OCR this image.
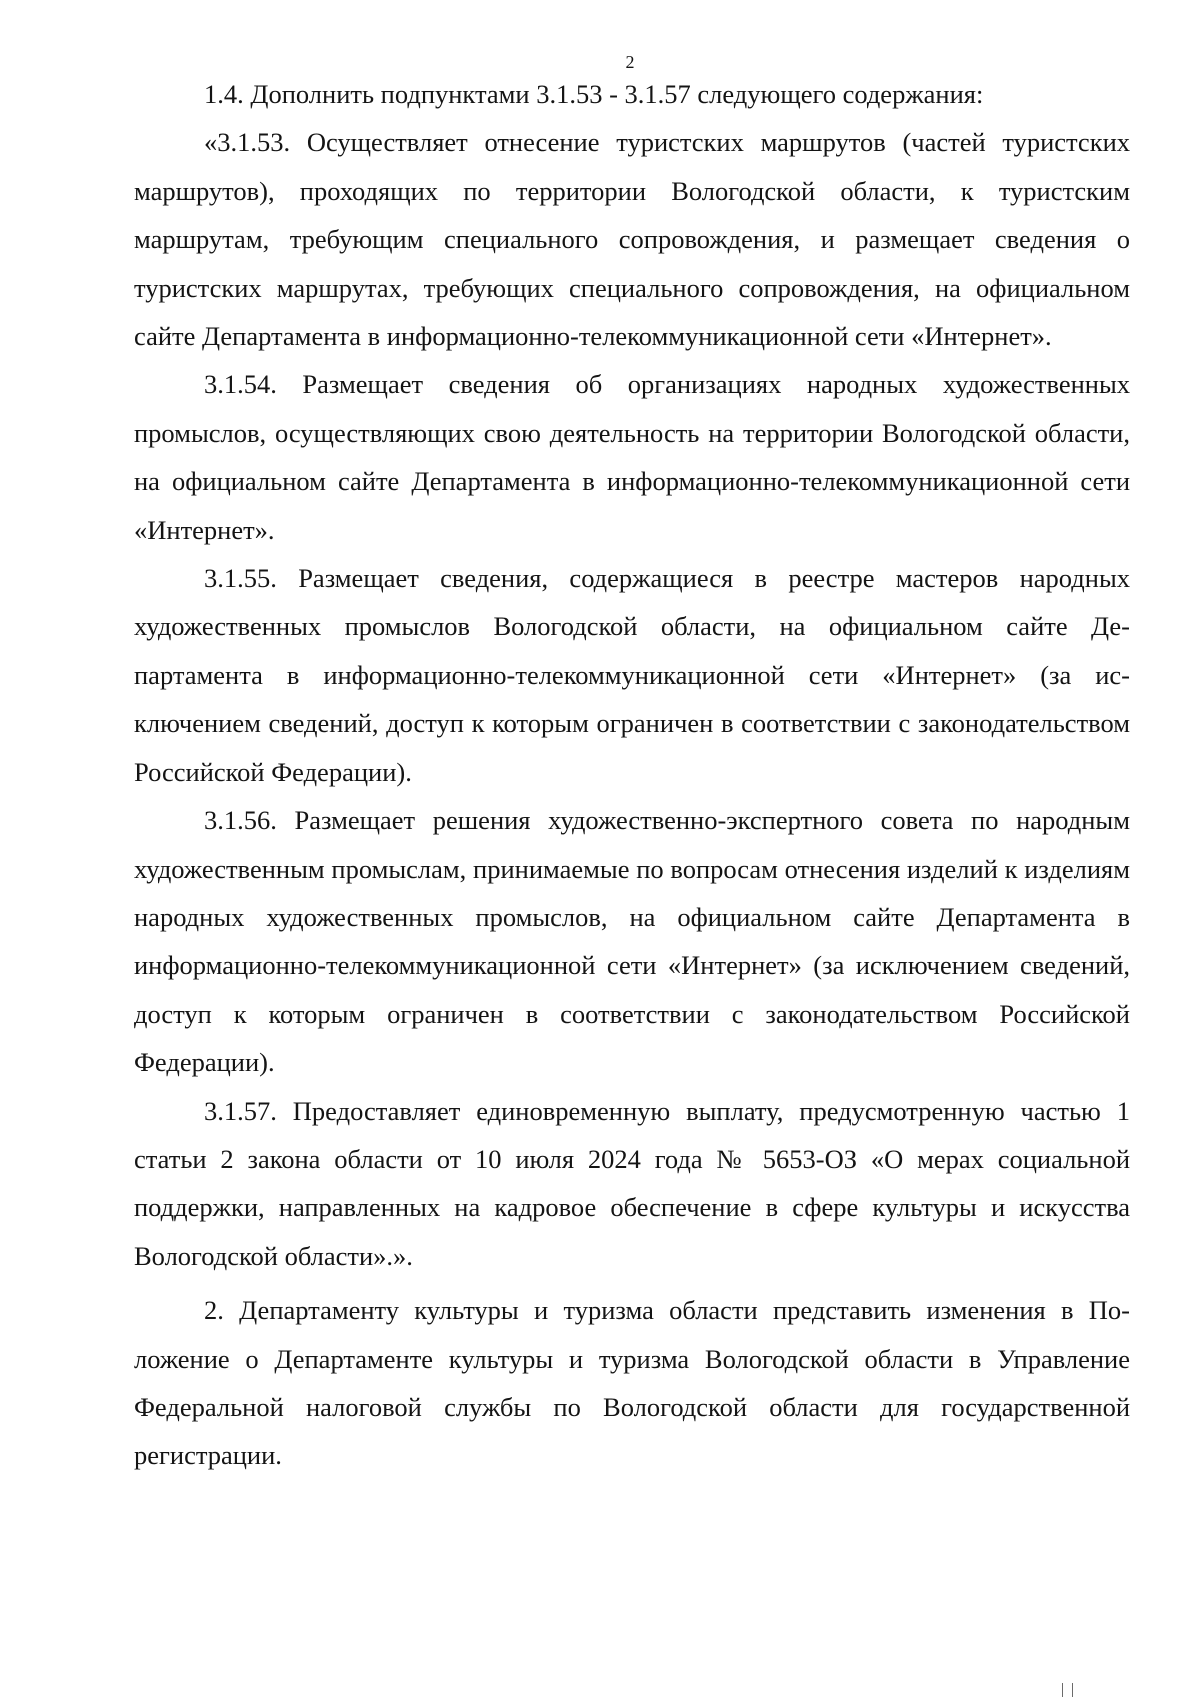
2

1.4. Дополнить подпунктами 3.1.53 - 3.1.57 следующего содержания:

«3.1.53. Осуществляет отнесение туристских маршрутов (частей туристских маршрутов), проходящих по территории Вологодской области, к туристским маршрутам, требующим специального сопровождения, и размещает сведения о туристских маршрутах, требующих специального сопровождения, на официальном сайте Департамента в информационно-телекоммуникационной сети «Интернет».

3.1.54. Размещает сведения об организациях народных художественных промыслов, осуществляющих свою деятельность на территории Вологодской области, на официальном сайте Департамента в информационно-телекоммуникационной сети «Интернет».

3.1.55. Размещает сведения, содержащиеся в реестре мастеров народных художественных промыслов Вологодской области, на официальном сайте Департамента в информационно-телекоммуникационной сети «Интернет» (за исключением сведений, доступ к которым ограничен в соответствии с законодательством Российской Федерации).

3.1.56. Размещает решения художественно-экспертного совета по народным художественным промыслам, принимаемые по вопросам отнесения изделий к изделиям народных художественных промыслов, на официальном сайте Департамента в информационно-телекоммуникационной сети «Интернет» (за исключением сведений, доступ к которым ограничен в соответствии с законодательством Российской Федерации).

3.1.57. Предоставляет единовременную выплату, предусмотренную частью 1 статьи 2 закона области от 10 июля 2024 года № 5653-ОЗ «О мерах социальной поддержки, направленных на кадровое обеспечение в сфере культуры и искусства Вологодской области».».

2. Департаменту культуры и туризма области представить изменения в Положение о Департаменте культуры и туризма Вологодской области в Управление Федеральной налоговой службы по Вологодской области для государственной регистрации.
